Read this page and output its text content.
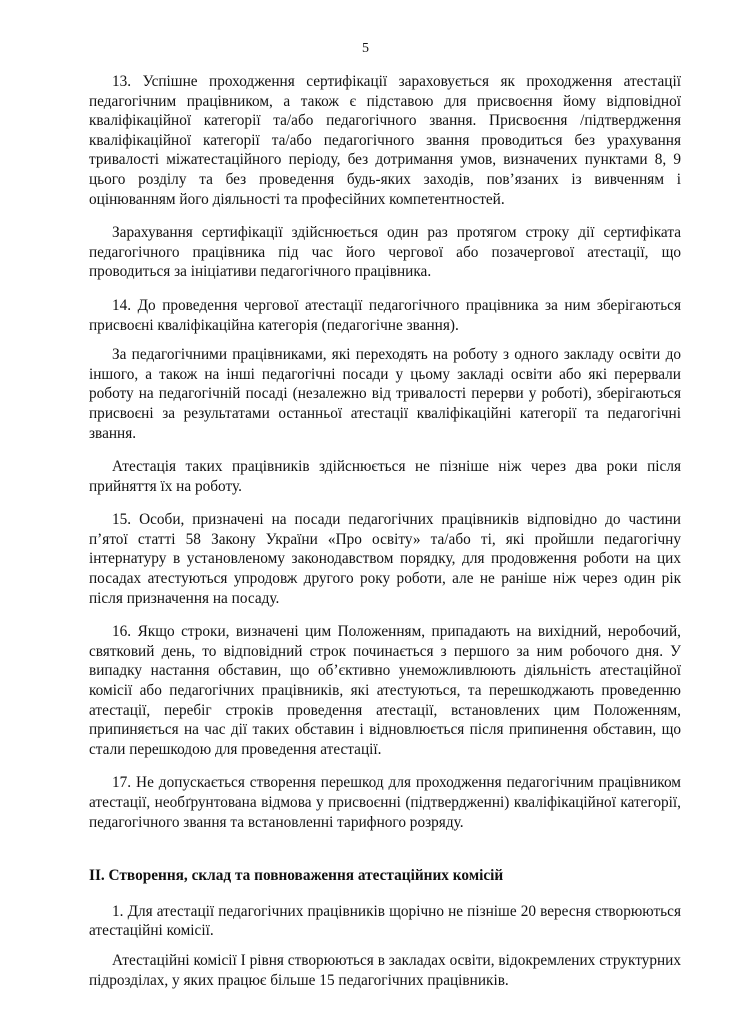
5

13. Успішне проходження сертифікації зараховується як проходження атестації педагогічним працівником, а також є підставою для присвоєння йому відповідної кваліфікаційної категорії та/або педагогічного звання. Присвоєння /підтвердження кваліфікаційної категорії та/або педагогічного звання проводиться без урахування тривалості міжатестаційного періоду, без дотримання умов, визначених пунктами 8, 9 цього розділу та без проведення будь-яких заходів, пов’язаних із вивченням і оцінюванням його діяльності та професійних компетентностей.

Зарахування сертифікації здійснюється один раз протягом строку дії сертифіката педагогічного працівника під час його чергової або позачергової атестації, що проводиться за ініціативи педагогічного працівника.

14. До проведення чергової атестації педагогічного працівника за ним зберігаються присвоєні кваліфікаційна категорія (педагогічне звання).

За педагогічними працівниками, які переходять на роботу з одного закладу освіти до іншого, а також на інші педагогічні посади у цьому закладі освіти або які перервали роботу на педагогічній посаді (незалежно від тривалості перерви у роботі), зберігаються присвоєні за результатами останньої атестації кваліфікаційні категорії та педагогічні звання.

Атестація таких працівників здійснюється не пізніше ніж через два роки після прийняття їх на роботу.

15. Особи, призначені на посади педагогічних працівників відповідно до частини п’ятої статті 58 Закону України «Про освіту» та/або ті, які пройшли педагогічну інтернатуру в установленому законодавством порядку, для продовження роботи на цих посадах атестуються упродовж другого року роботи, але не раніше ніж через один рік після призначення на посаду.

16. Якщо строки, визначені цим Положенням, припадають на вихідний, неробочий, святковий день, то відповідний строк починається з першого за ним робочого дня. У випадку настання обставин, що об’єктивно унеможливлюють діяльність атестаційної комісії або педагогічних працівників, які атестуються, та перешкоджають проведенню атестації, перебіг строків проведення атестації, встановлених цим Положенням, припиняється на час дії таких обставин і відновлюється після припинення обставин, що стали перешкодою для проведення атестації.

17. Не допускається створення перешкод для проходження педагогічним працівником атестації, необґрунтована відмова у присвоєнні (підтвердженні) кваліфікаційної категорії, педагогічного звання та встановленні тарифного розряду.

ІІ. Створення, склад та повноваження атестаційних комісій

1. Для атестації педагогічних працівників щорічно не пізніше 20 вересня створюються атестаційні комісії.

Атестаційні комісії І рівня створюються в закладах освіти, відокремлених структурних підрозділах, у яких працює більше 15 педагогічних працівників.
